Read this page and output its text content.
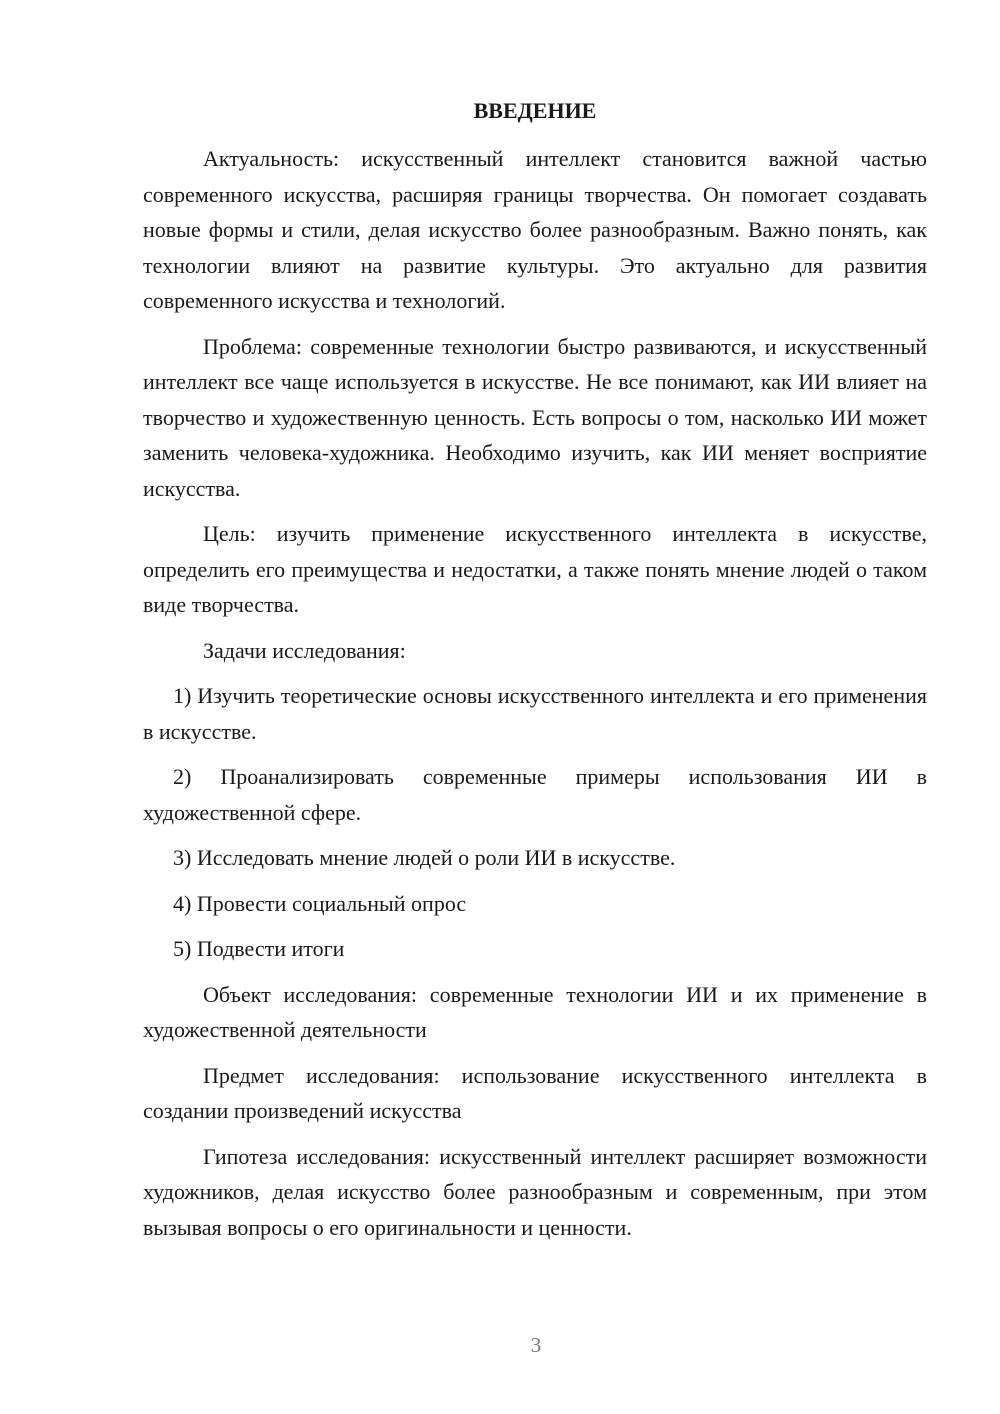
ВВЕДЕНИЕ

Актуальность: искусственный интеллект становится важной частью современного искусства, расширяя границы творчества. Он помогает создавать новые формы и стили, делая искусство более разнообразным. Важно понять, как технологии влияют на развитие культуры. Это актуально для развития современного искусства и технологий.

Проблема: современные технологии быстро развиваются, и искусственный интеллект все чаще используется в искусстве. Не все понимают, как ИИ влияет на творчество и художественную ценность. Есть вопросы о том, насколько ИИ может заменить человека-художника. Необходимо изучить, как ИИ меняет восприятие искусства.

Цель: изучить применение искусственного интеллекта в искусстве, определить его преимущества и недостатки, а также понять мнение людей о таком виде творчества.

Задачи исследования:

1) Изучить теоретические основы искусственного интеллекта и его применения в искусстве.

2) Проанализировать современные примеры использования ИИ в художественной сфере.

3) Исследовать мнение людей о роли ИИ в искусстве.

4) Провести социальный опрос

5) Подвести итоги

Объект исследования: современные технологии ИИ и их применение в художественной деятельности

Предмет исследования: использование искусственного интеллекта в создании произведений искусства

Гипотеза исследования: искусственный интеллект расширяет возможности художников, делая искусство более разнообразным и современным, при этом вызывая вопросы о его оригинальности и ценности.

3
